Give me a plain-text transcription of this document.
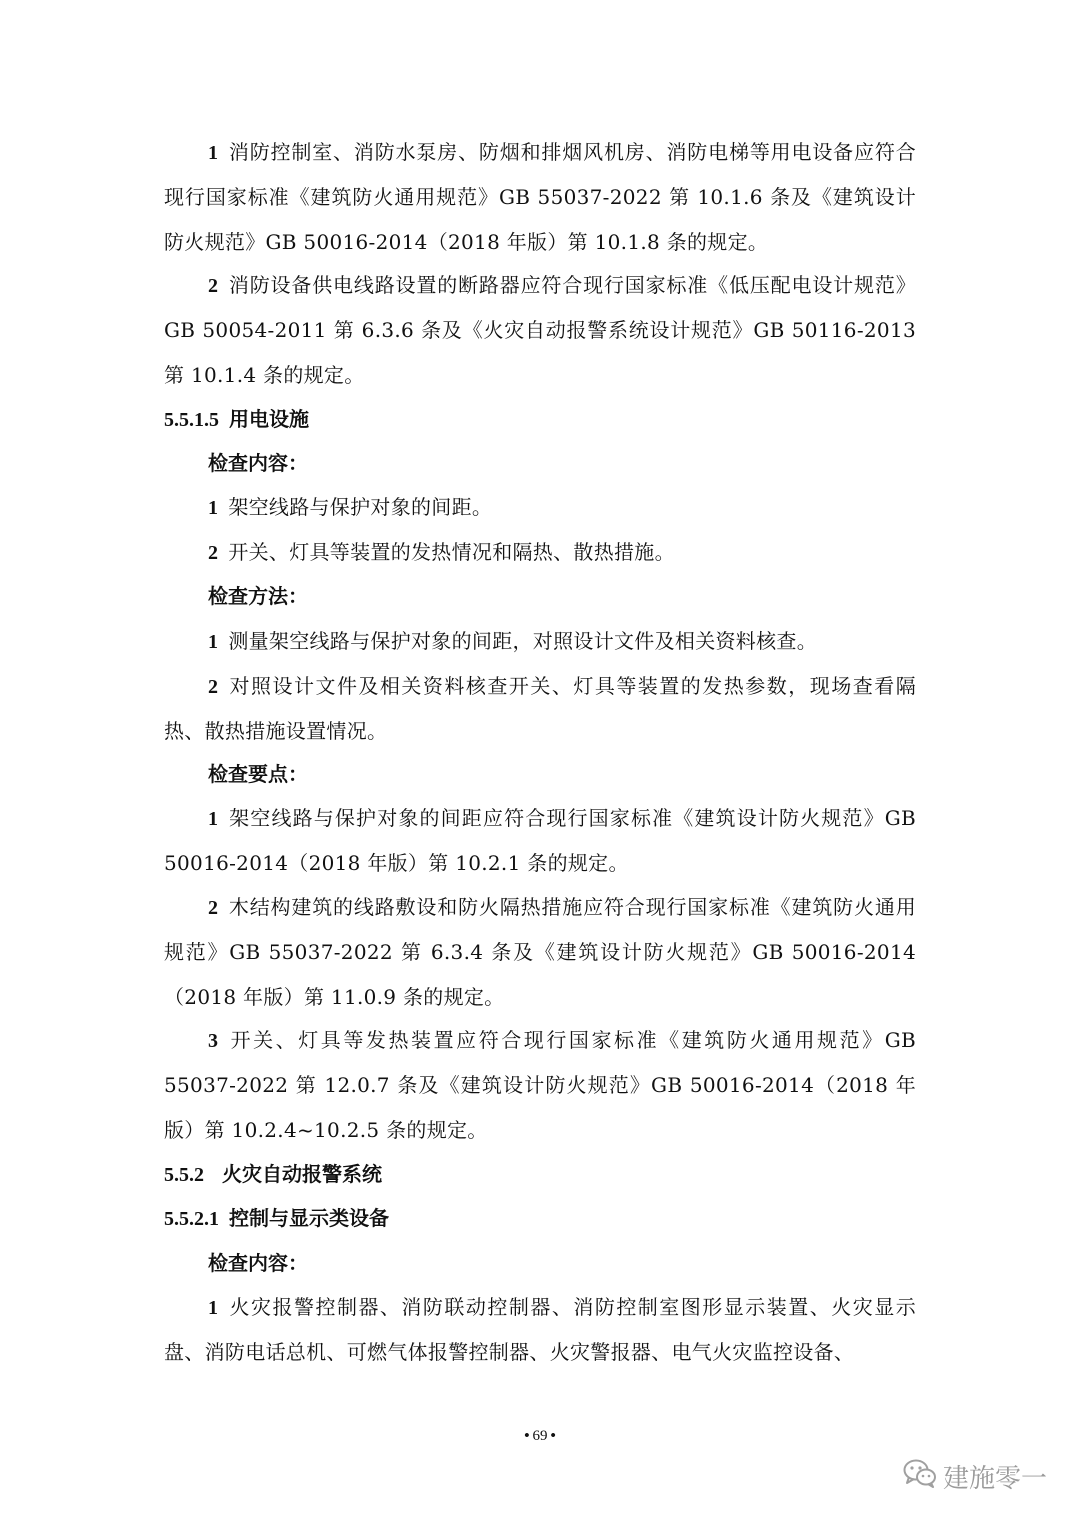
1 消防控制室、消防水泵房、防烟和排烟风机房、消防电梯等用电设备应符合现行国家标准《建筑防火通用规范》GB 55037-2022 第 10.1.6 条及《建筑设计防火规范》GB 50016-2014（2018 年版）第 10.1.8 条的规定。

2 消防设备供电线路设置的断路器应符合现行国家标准《低压配电设计规范》GB 50054-2011 第 6.3.6 条及《火灾自动报警系统设计规范》GB 50116-2013 第 10.1.4 条的规定。

5.5.1.5 用电设施

检查内容：

1 架空线路与保护对象的间距。

2 开关、灯具等装置的发热情况和隔热、散热措施。

检查方法：

1 测量架空线路与保护对象的间距，对照设计文件及相关资料核查。

2 对照设计文件及相关资料核查开关、灯具等装置的发热参数，现场查看隔热、散热措施设置情况。

检查要点：

1 架空线路与保护对象的间距应符合现行国家标准《建筑设计防火规范》GB 50016-2014（2018 年版）第 10.2.1 条的规定。

2 木结构建筑的线路敷设和防火隔热措施应符合现行国家标准《建筑防火通用规范》GB 55037-2022 第 6.3.4 条及《建筑设计防火规范》GB 50016-2014（2018 年版）第 11.0.9 条的规定。

3 开关、灯具等发热装置应符合现行国家标准《建筑防火通用规范》GB 55037-2022 第 12.0.7 条及《建筑设计防火规范》GB 50016-2014（2018 年版）第 10.2.4~10.2.5 条的规定。

5.5.2 火灾自动报警系统

5.5.2.1 控制与显示类设备

检查内容：

1 火灾报警控制器、消防联动控制器、消防控制室图形显示装置、火灾显示盘、消防电话总机、可燃气体报警控制器、火灾警报器、电气火灾监控设备、

• 69 •
建施零一
